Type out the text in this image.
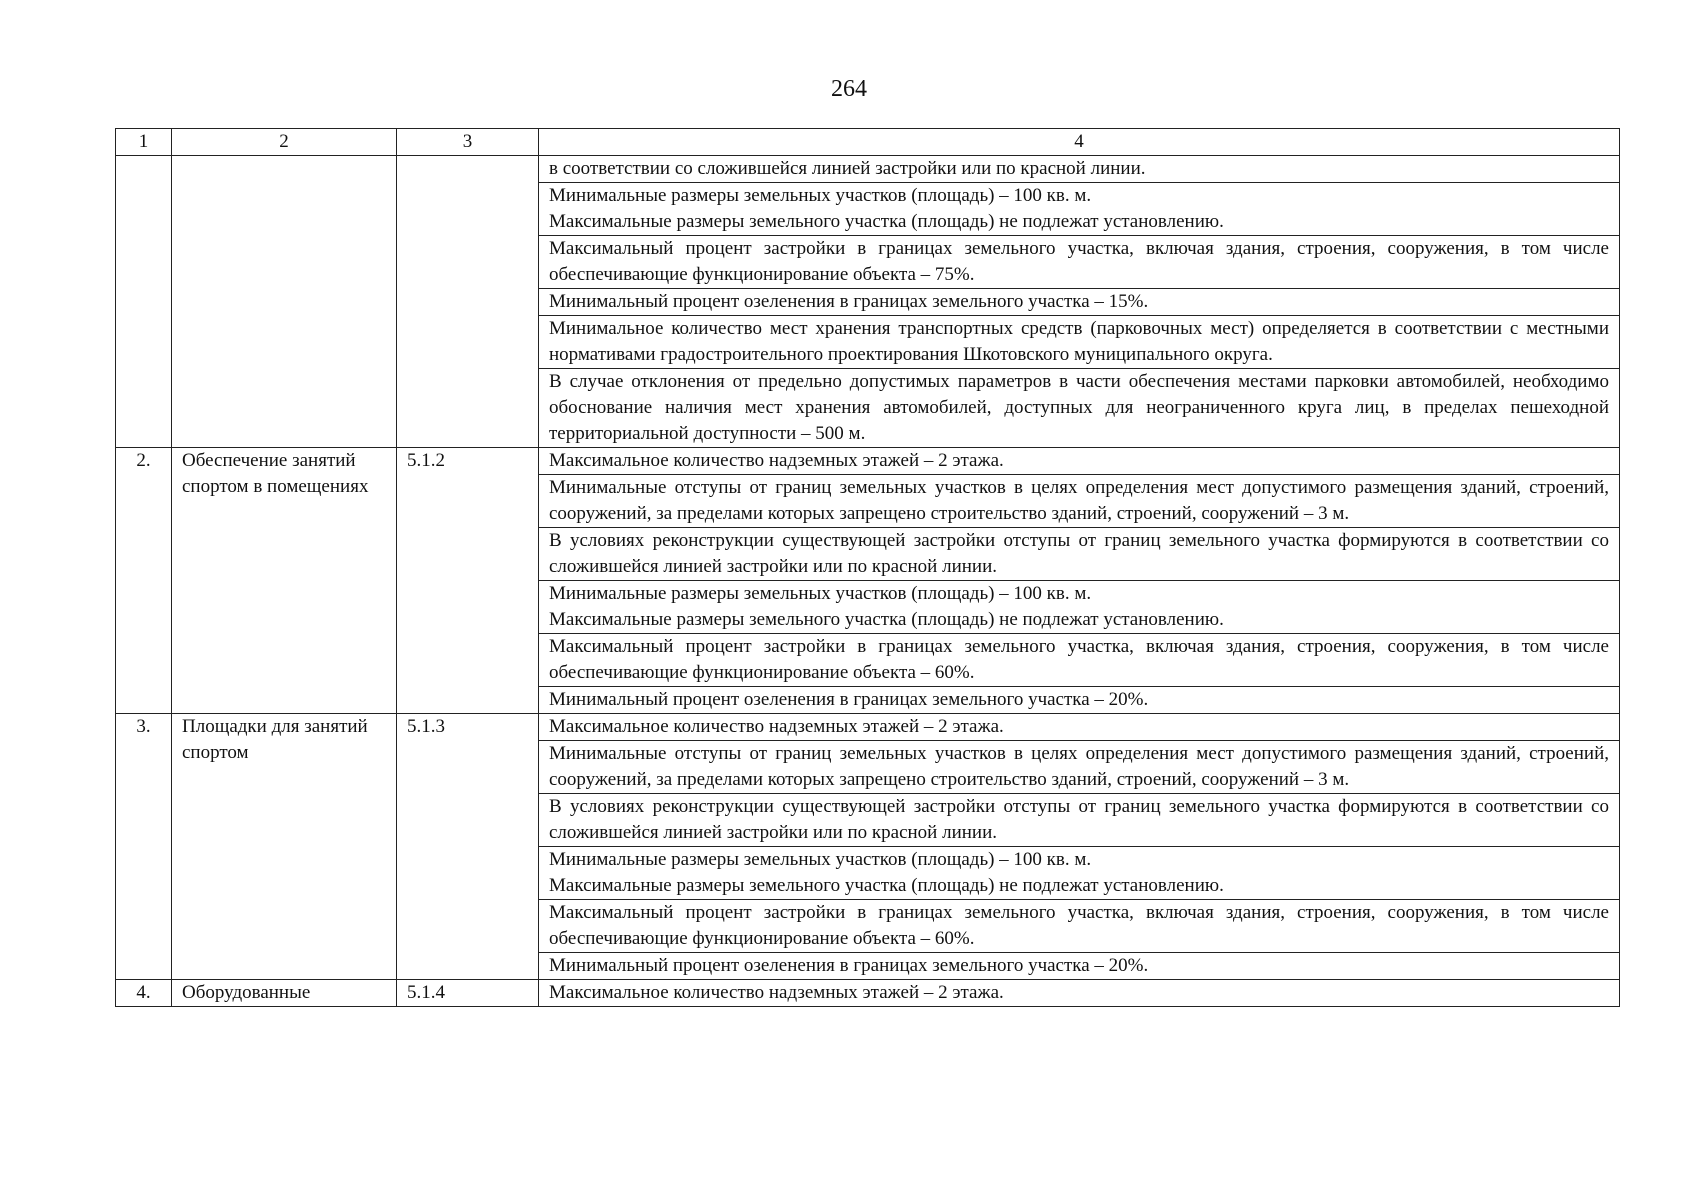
264
1	2	3	4

			в соответствии со сложившейся линией застройки или по красной линии.

			Минимальные размеры земельных участков (площадь) – 100 кв. м.
Максимальные размеры земельного участка (площадь) не подлежат установлению.

			Максимальный процент застройки в границах земельного участка, включая здания, строения, сооружения, в том числе обеспечивающие функционирование объекта – 75%.

			Минимальный процент озеленения в границах земельного участка – 15%.

			Минимальное количество мест хранения транспортных средств (парковочных мест) определяется в соответствии с местными нормативами градостроительного проектирования Шкотовского муниципального округа.

			В случае отклонения от предельно допустимых параметров в части обеспечения местами парковки автомобилей, необходимо обоснование наличия мест хранения автомобилей, доступных для неограниченного круга лиц, в пределах пешеходной территориальной доступности – 500 м.

2.	Обеспечение занятий спортом в помещениях	5.1.2	Максимальное количество надземных этажей – 2 этажа.

			Минимальные отступы от границ земельных участков в целях определения мест допустимого размещения зданий, строений, сооружений, за пределами которых запрещено строительство зданий, строений, сооружений – 3 м.

			В условиях реконструкции существующей застройки отступы от границ земельного участка формируются в соответствии со сложившейся линией застройки или по красной линии.

			Минимальные размеры земельных участков (площадь) – 100 кв. м.
Максимальные размеры земельного участка (площадь) не подлежат установлению.

			Максимальный процент застройки в границах земельного участка, включая здания, строения, сооружения, в том числе обеспечивающие функционирование объекта – 60%.

			Минимальный процент озеленения в границах земельного участка – 20%.

3.	Площадки для занятий спортом	5.1.3	Максимальное количество надземных этажей – 2 этажа.

			Минимальные отступы от границ земельных участков в целях определения мест допустимого размещения зданий, строений, сооружений, за пределами которых запрещено строительство зданий, строений, сооружений – 3 м.

			В условиях реконструкции существующей застройки отступы от границ земельного участка формируются в соответствии со сложившейся линией застройки или по красной линии.

			Минимальные размеры земельных участков (площадь) – 100 кв. м.
Максимальные размеры земельного участка (площадь) не подлежат установлению.

			Максимальный процент застройки в границах земельного участка, включая здания, строения, сооружения, в том числе обеспечивающие функционирование объекта – 60%.

			Минимальный процент озеленения в границах земельного участка – 20%.

4.	Оборудованные	5.1.4	Максимальное количество надземных этажей – 2 этажа.
